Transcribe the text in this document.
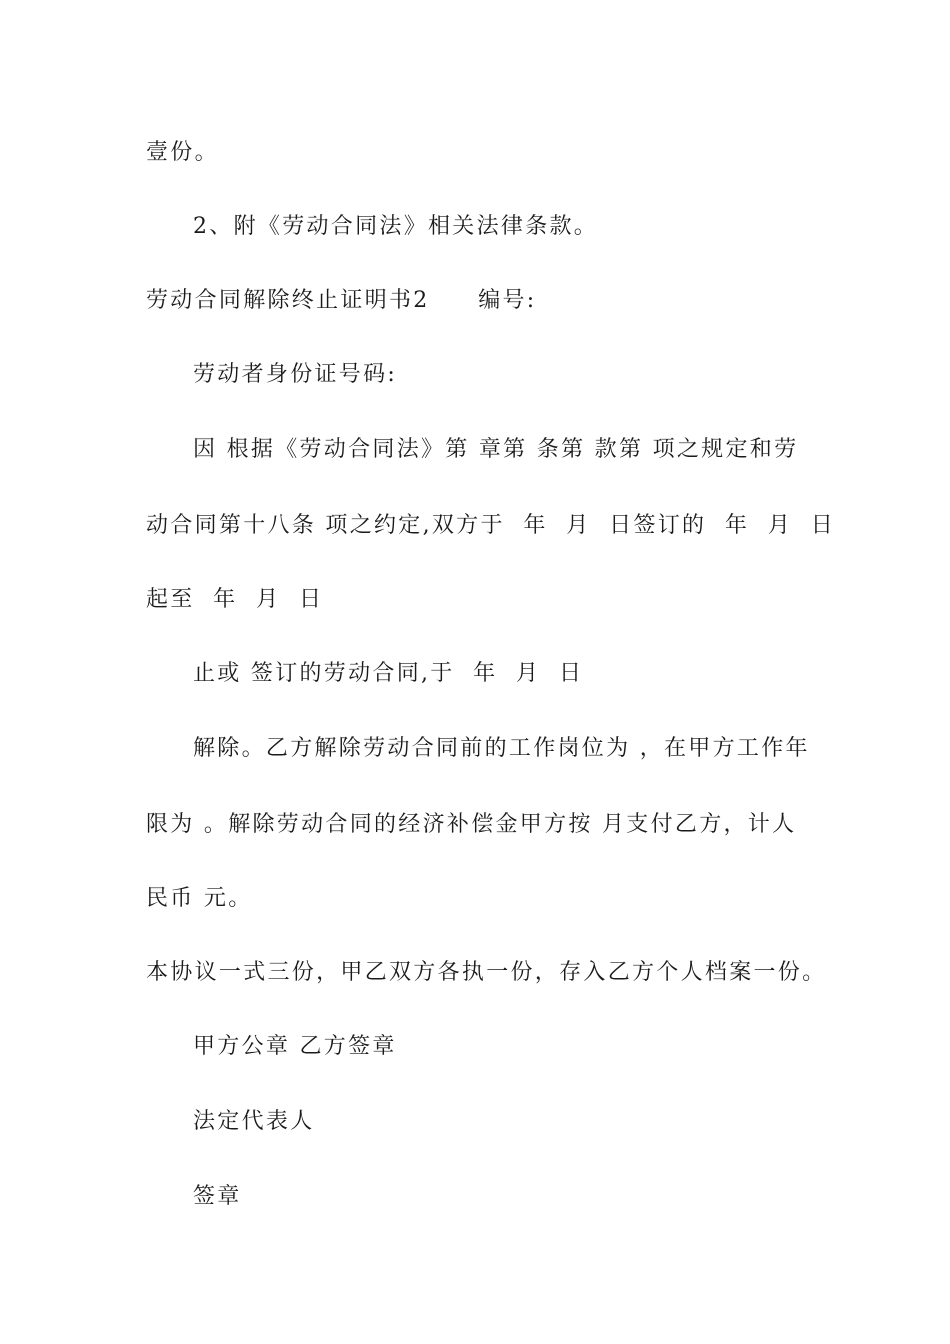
壹份。
2、附《劳动合同法》相关法律条款。
劳动合同解除终止证明书2　　编号:
劳动者身份证号码:
因 根据《劳动合同法》第 章第 条第 款第 项之规定和劳
动合同第十八条 项之约定,双方于  年  月  日签订的  年  月  日
起至  年  月  日
止或 签订的劳动合同,于  年  月  日
解除。乙方解除劳动合同前的工作岗位为 ，在甲方工作年
限为 。解除劳动合同的经济补偿金甲方按 月支付乙方，计人
民币 元。
本协议一式三份，甲乙双方各执一份，存入乙方个人档案一份。
甲方公章 乙方签章
法定代表人
签章
